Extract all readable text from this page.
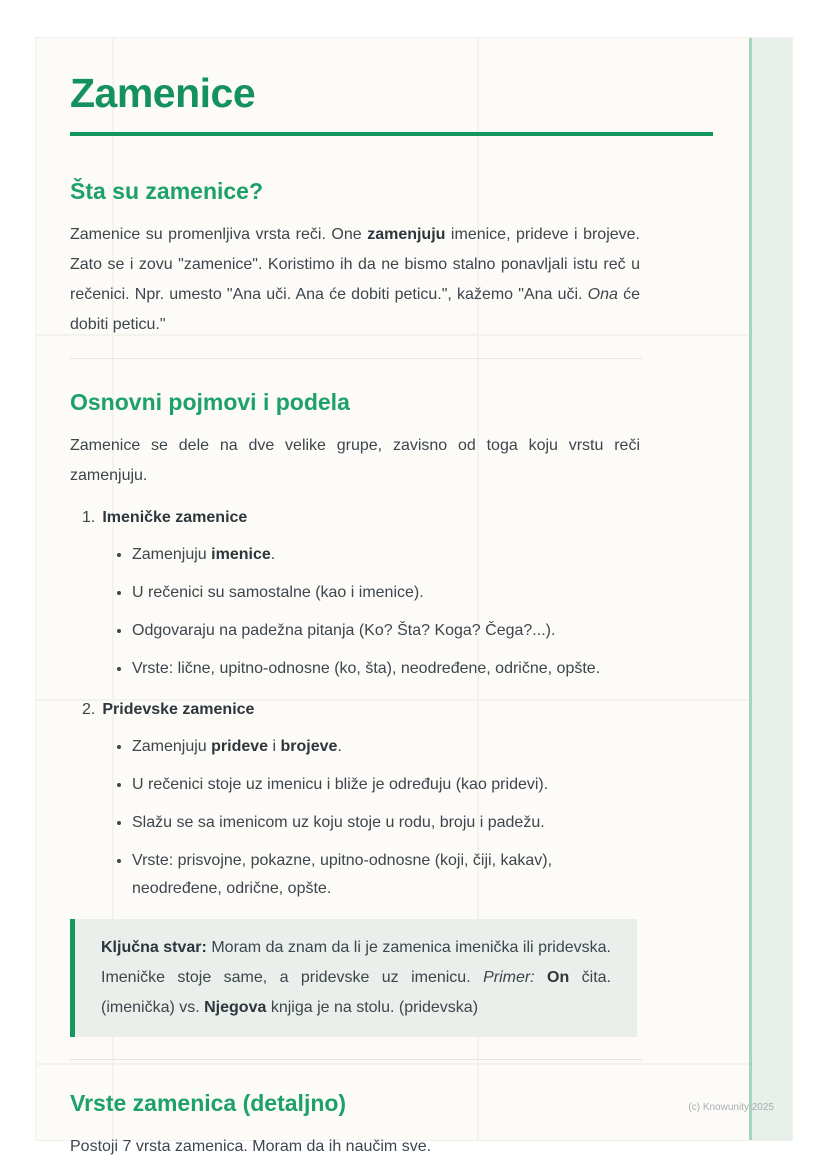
Zamenice
Šta su zamenice?

Zamenice su promenljiva vrsta reči. One zamenjuju imenice, prideve i brojeve. Zato se i zovu "zamenice". Koristimo ih da ne bismo stalno ponavljali istu reč u rečenici. Npr. umesto "Ana uči. Ana će dobiti peticu.", kažemo "Ana uči. Ona će dobiti peticu."

Osnovni pojmovi i podela

Zamenice se dele na dve velike grupe, zavisno od toga koju vrstu reči zamenjuju.

1. Imeničke zamenice
• Zamenjuju imenice.
• U rečenici su samostalne (kao i imenice).
• Odgovaraju na padežna pitanja (Ko? Šta? Koga? Čega?...).
• Vrste: lične, upitno-odnosne (ko, šta), neodređene, odrične, opšte.
2. Pridevske zamenice
• Zamenjuju prideve i brojeve.
• U rečenici stoje uz imenicu i bliže je određuju (kao pridevi).
• Slažu se sa imenicom uz koju stoje u rodu, broju i padežu.
• Vrste: prisvojne, pokazne, upitno-odnosne (koji, čiji, kakav), neodređene, odrične, opšte.

Ključna stvar: Moram da znam da li je zamenica imenička ili pridevska. Imeničke stoje same, a pridevske uz imenicu. Primer: On čita. (imenička) vs. Njegova knjiga je na stolu. (pridevska)

Vrste zamenica (detaljno)

Postoji 7 vrsta zamenica. Moram da ih naučim sve.

(c) Knowunity 2025
